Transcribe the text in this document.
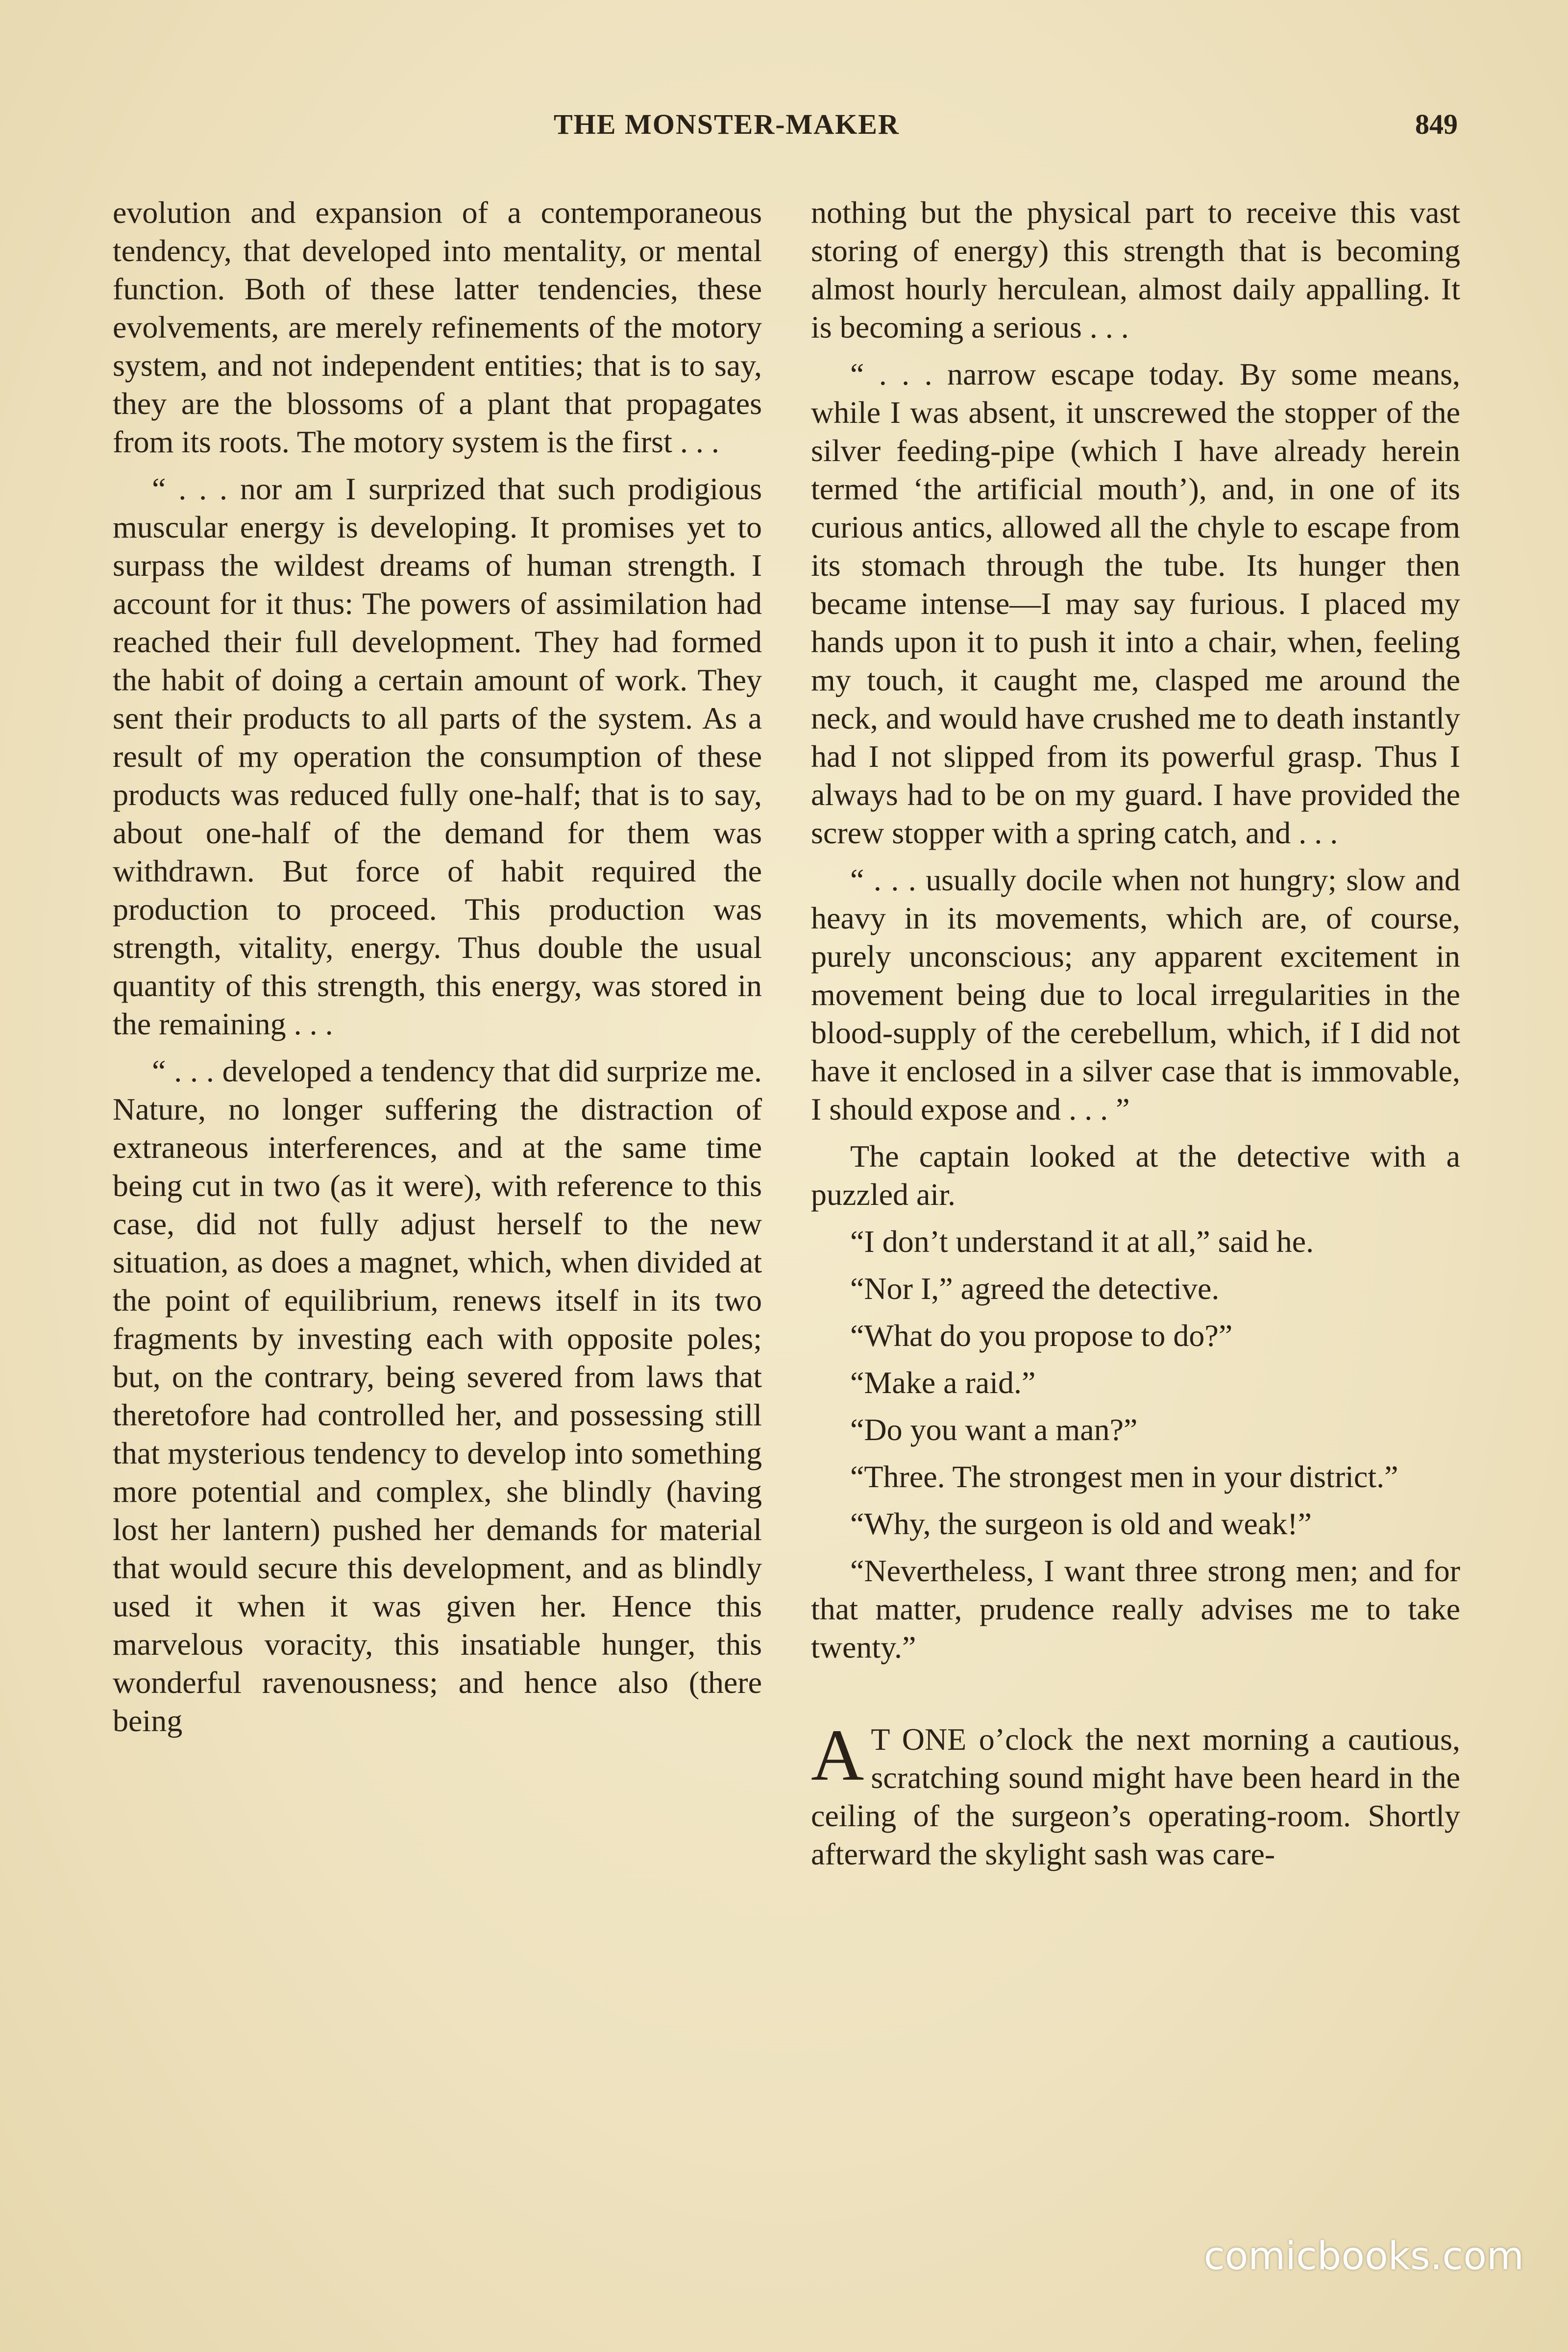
THE MONSTER-MAKER	849

evolution and expansion of a contemporaneous tendency, that developed into mentality, or mental function. Both of these latter tendencies, these evolvements, are merely refinements of the motory system, and not independent entities; that is to say, they are the blossoms of a plant that propagates from its roots. The motory system is the first . . .

“ . . . nor am I surprized that such prodigious muscular energy is developing. It promises yet to surpass the wildest dreams of human strength. I account for it thus: The powers of assimilation had reached their full development. They had formed the habit of doing a certain amount of work. They sent their products to all parts of the system. As a result of my operation the consumption of these products was reduced fully one-half; that is to say, about one-half of the demand for them was withdrawn. But force of habit required the production to proceed. This production was strength, vitality, energy. Thus double the usual quantity of this strength, this energy, was stored in the remaining . . .

“ . . . developed a tendency that did surprize me. Nature, no longer suffering the distraction of extraneous interferences, and at the same time being cut in two (as it were), with reference to this case, did not fully adjust herself to the new situation, as does a magnet, which, when divided at the point of equilibrium, renews itself in its two fragments by investing each with opposite poles; but, on the contrary, being severed from laws that theretofore had controlled her, and possessing still that mysterious tendency to develop into something more potential and complex, she blindly (having lost her lantern) pushed her demands for material that would secure this development, and as blindly used it when it was given her. Hence this marvelous voracity, this insatiable hunger, this wonderful ravenousness; and hence also (there being

nothing but the physical part to receive this vast storing of energy) this strength that is becoming almost hourly herculean, almost daily appalling. It is becoming a serious . . .

“ . . . narrow escape today. By some means, while I was absent, it unscrewed the stopper of the silver feeding-pipe (which I have already herein termed ‘the artificial mouth’), and, in one of its curious antics, allowed all the chyle to escape from its stomach through the tube. Its hunger then became intense—I may say furious. I placed my hands upon it to push it into a chair, when, feeling my touch, it caught me, clasped me around the neck, and would have crushed me to death instantly had I not slipped from its powerful grasp. Thus I always had to be on my guard. I have provided the screw stopper with a spring catch, and . . .

“ . . . usually docile when not hungry; slow and heavy in its movements, which are, of course, purely unconscious; any apparent excitement in movement being due to local irregularities in the blood-supply of the cerebellum, which, if I did not have it enclosed in a silver case that is immovable, I should expose and . . . ”

The captain looked at the detective with a puzzled air.

“I don’t understand it at all,” said he.

“Nor I,” agreed the detective.

“What do you propose to do?”

“Make a raid.”

“Do you want a man?”

“Three. The strongest men in your district.”

“Why, the surgeon is old and weak!”

“Nevertheless, I want three strong men; and for that matter, prudence really advises me to take twenty.”

A T ONE o’clock the next morning a cautious, scratching sound might have been heard in the ceiling of the surgeon’s operating-room. Shortly afterward the skylight sash was care-

comicbooks.com
